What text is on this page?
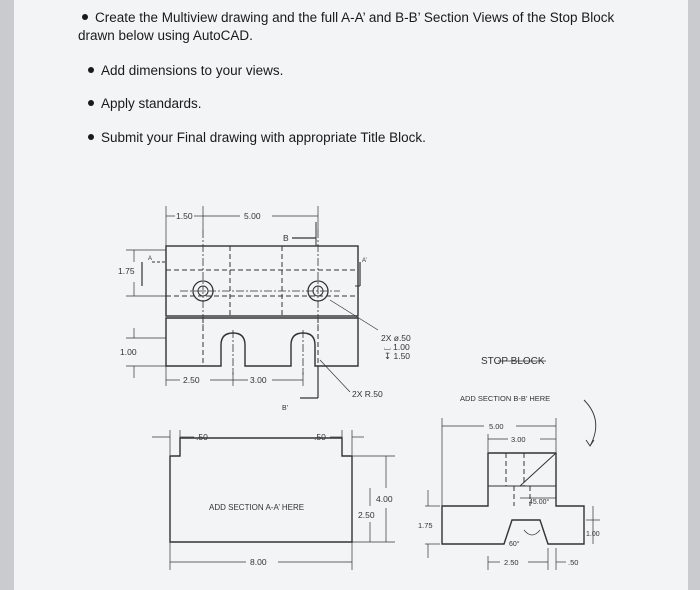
Create the Multiview drawing and the full A-A’ and B-B’ Section Views of the Stop Block
drawn below using AutoCAD.
Add dimensions to your views.
Apply standards.
Submit your Final drawing with appropriate Title Block.
1.50	5.00
B
A	A’
1.75
1.00
2.50	3.00
B’
2X ø.50
⌴ 1.00
↧ 1.50
2X R.50
STOP BLOCK
ADD SECTION B-B’ HERE
.50	.50
ADD SECTION A-A’ HERE
4.00
2.50
8.00
1.75
5.00
3.00
45.00°
60°
1.00
2.50	.50
